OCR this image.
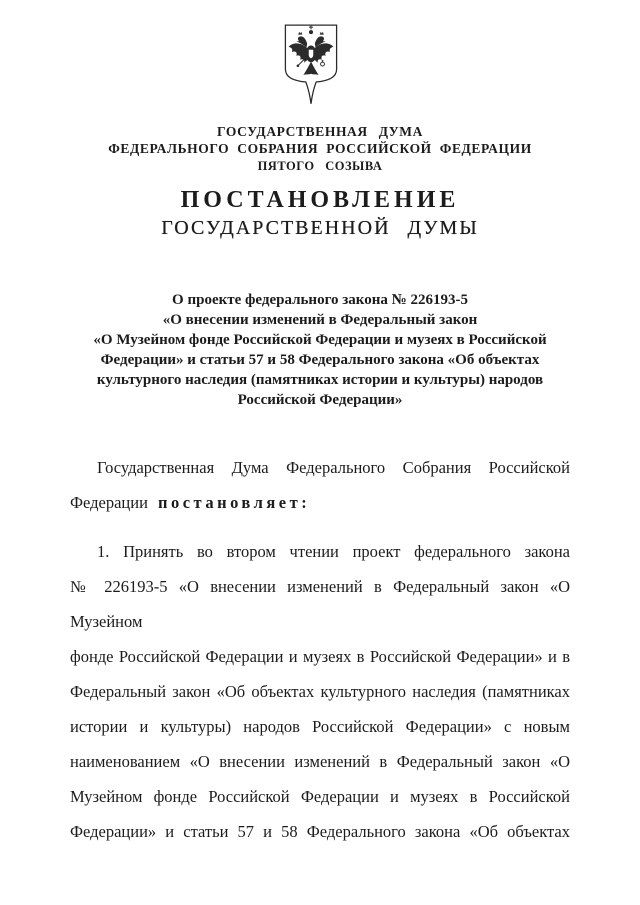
ГОСУДАРСТВЕННАЯ ДУМА
ФЕДЕРАЛЬНОГО СОБРАНИЯ РОССИЙСКОЙ ФЕДЕРАЦИИ
ПЯТОГО СОЗЫВА
ПОСТАНОВЛЕНИЕ
ГОСУДАРСТВЕННОЙ ДУМЫ
О проекте федерального закона № 226193-5
«О внесении изменений в Федеральный закон
«О Музейном фонде Российской Федерации и музеях в Российской
Федерации» и статьи 57 и 58 Федерального закона «Об объектах
культурного наследия (памятниках истории и культуры) народов
Российской Федерации»
Государственная Дума Федерального Собрания Российской
Федерации постановляет:
1. Принять во втором чтении проект федерального закона
№ 226193-5 «О внесении изменений в Федеральный закон «О Музейном
фонде Российской Федерации и музеях в Российской Федерации» и в
Федеральный закон «Об объектах культурного наследия (памятниках
истории и культуры) народов Российской Федерации» с новым
наименованием «О внесении изменений в Федеральный закон «О
Музейном фонде Российской Федерации и музеях в Российской
Федерации» и статьи 57 и 58 Федерального закона «Об объектах
